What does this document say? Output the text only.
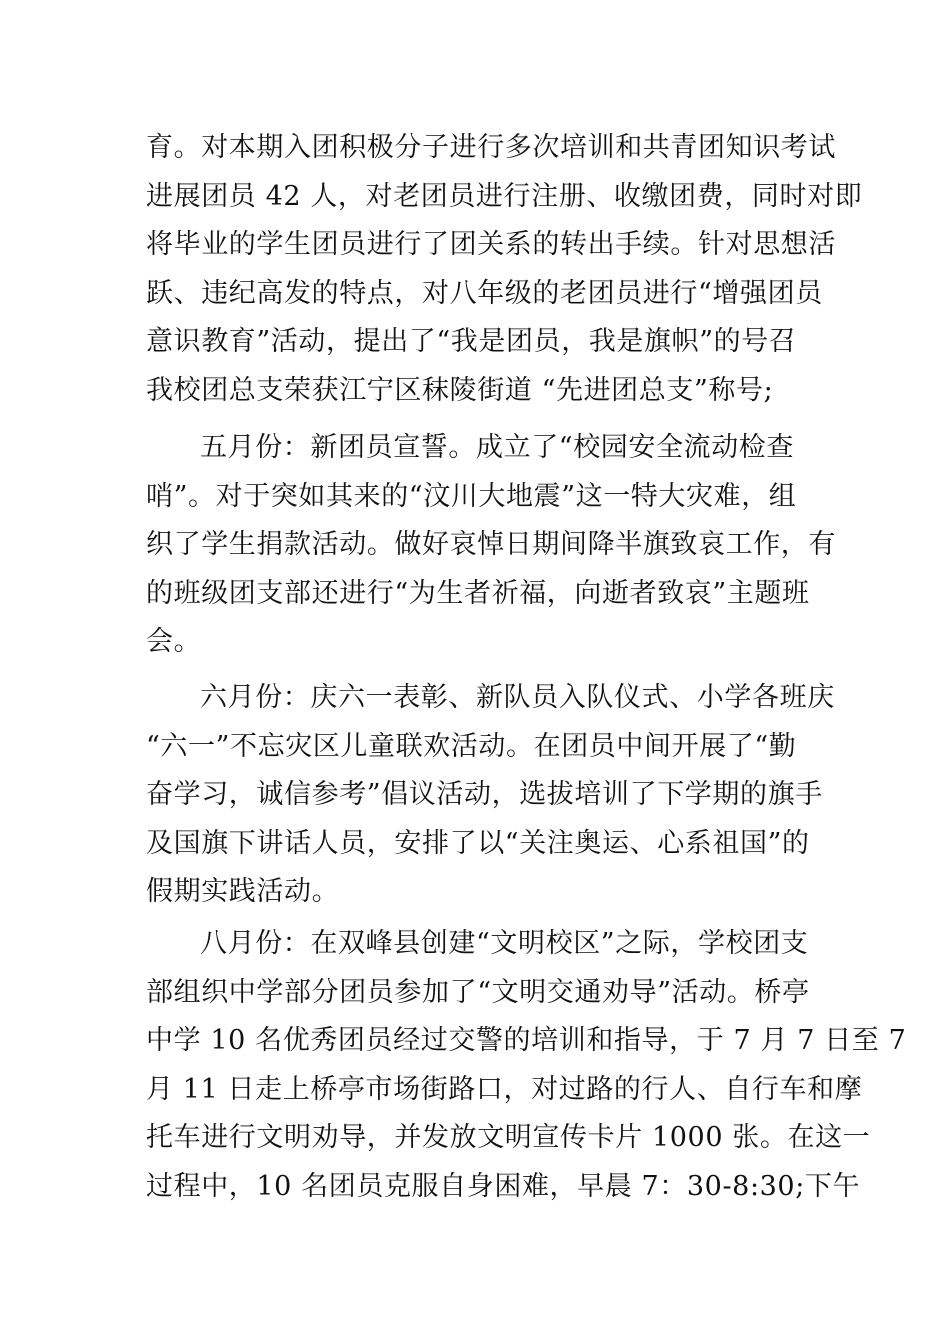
育。对本期入团积极分子进行多次培训和共青团知识考试
进展团员 42 人，对老团员进行注册、收缴团费，同时对即
将毕业的学生团员进行了团关系的转出手续。针对思想活
跃、违纪高发的特点，对八年级的老团员进行“增强团员
意识教育”活动，提出了“我是团员，我是旗帜”的号召
我校团总支荣获江宁区秣陵街道 “先进团总支”称号;
五月份：新团员宣誓。成立了“校园安全流动检查
哨”。对于突如其来的“汶川大地震”这一特大灾难，组
织了学生捐款活动。做好哀悼日期间降半旗致哀工作，有
的班级团支部还进行“为生者祈福，向逝者致哀”主题班
会。
六月份：庆六一表彰、新队员入队仪式、小学各班庆
“六一”不忘灾区儿童联欢活动。在团员中间开展了“勤
奋学习，诚信参考”倡议活动，选拔培训了下学期的旗手
及国旗下讲话人员，安排了以“关注奥运、心系祖国”的
假期实践活动。
八月份：在双峰县创建“文明校区”之际，学校团支
部组织中学部分团员参加了“文明交通劝导”活动。桥亭
中学 10 名优秀团员经过交警的培训和指导，于 7 月 7 日至 7
月 11 日走上桥亭市场街路口，对过路的行人、自行车和摩
托车进行文明劝导，并发放文明宣传卡片 1000 张。在这一
过程中，10 名团员克服自身困难，早晨 7：30-8:30;下午
